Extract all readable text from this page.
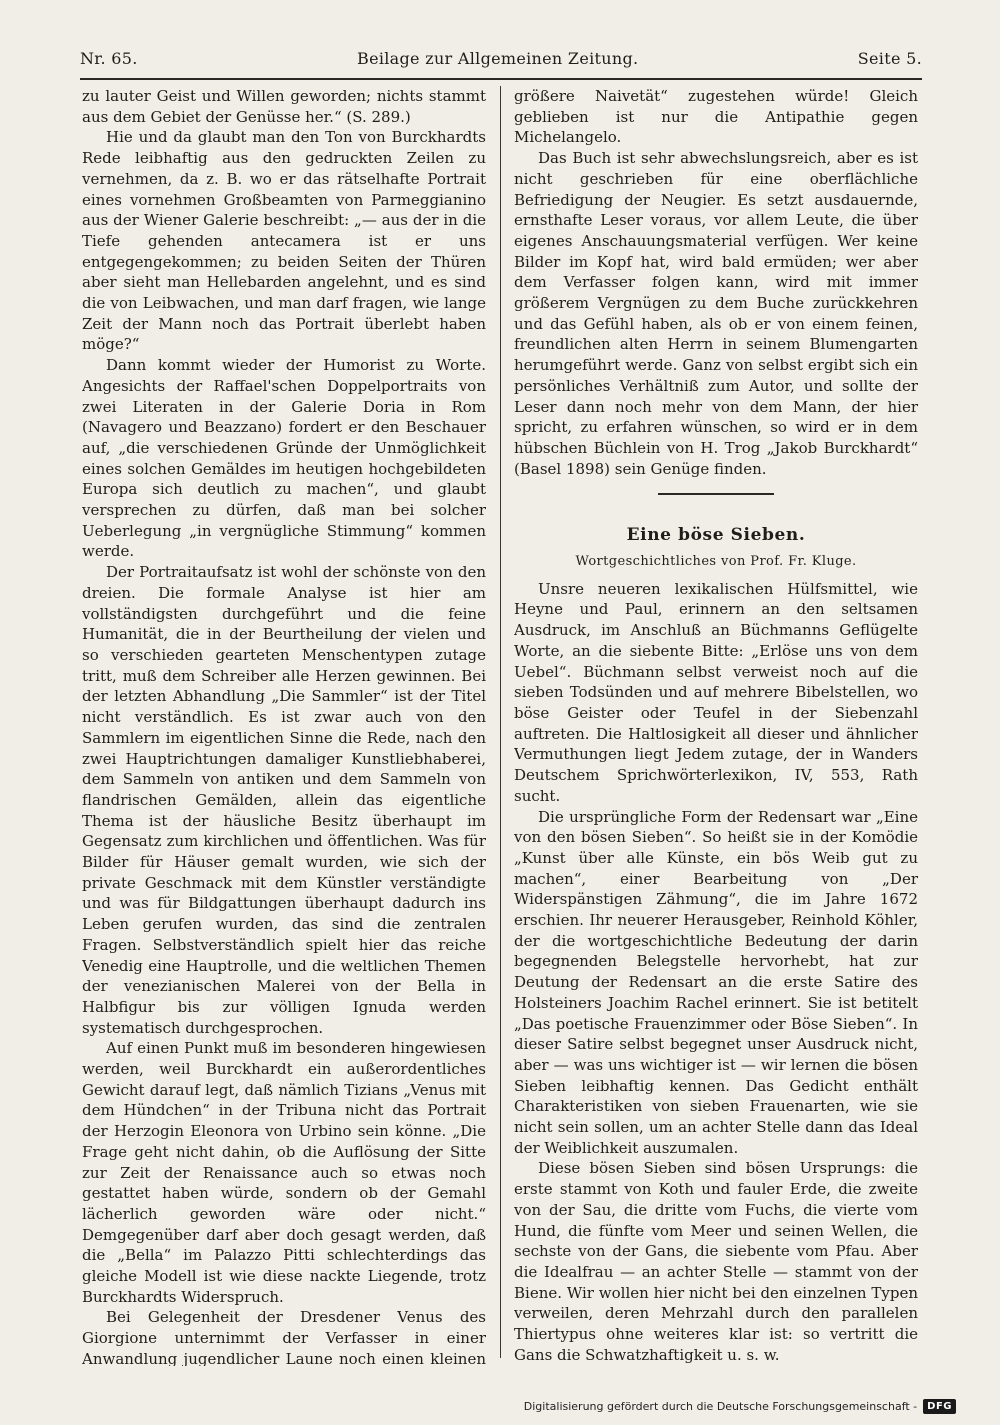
Nr. 65.	Beilage zur Allgemeinen Zeitung.	Seite 5.

zu lauter Geist und Willen geworden; nichts stammt aus dem Gebiet der Genüsse her.“ (S. 289.)

Hie und da glaubt man den Ton von Burckhardts Rede leibhaftig aus den gedruckten Zeilen zu vernehmen, da z. B. wo er das rätselhafte Portrait eines vornehmen Großbeamten von Parmeggianino aus der Wiener Galerie beschreibt: „— aus der in die Tiefe gehenden antecamera ist er uns entgegengekommen; zu beiden Seiten der Thüren aber sieht man Hellebarden angelehnt, und es sind die von Leibwachen, und man darf fragen, wie lange Zeit der Mann noch das Portrait überlebt haben möge?“

Dann kommt wieder der Humorist zu Worte. Angesichts der Raffael'schen Doppelportraits von zwei Literaten in der Galerie Doria in Rom (Navagero und Beazzano) fordert er den Beschauer auf, „die verschiedenen Gründe der Unmöglichkeit eines solchen Gemäldes im heutigen hochgebildeten Europa sich deutlich zu machen“, und glaubt versprechen zu dürfen, daß man bei solcher Ueberlegung „in vergnügliche Stimmung“ kommen werde.

Der Portraitaufsatz ist wohl der schönste von den dreien. Die formale Analyse ist hier am vollständigsten durchgeführt und die feine Humanität, die in der Beurtheilung der vielen und so verschieden gearteten Menschentypen zutage tritt, muß dem Schreiber alle Herzen gewinnen. Bei der letzten Abhandlung „Die Sammler“ ist der Titel nicht verständlich. Es ist zwar auch von den Sammlern im eigentlichen Sinne die Rede, nach den zwei Hauptrichtungen damaliger Kunstliebhaberei, dem Sammeln von antiken und dem Sammeln von flandrischen Gemälden, allein das eigentliche Thema ist der häusliche Besitz überhaupt im Gegensatz zum kirchlichen und öffentlichen. Was für Bilder für Häuser gemalt wurden, wie sich der private Geschmack mit dem Künstler verständigte und was für Bildgattungen überhaupt dadurch ins Leben gerufen wurden, das sind die zentralen Fragen. Selbstverständlich spielt hier das reiche Venedig eine Hauptrolle, und die weltlichen Themen der venezianischen Malerei von der Bella in Halbfigur bis zur völligen Ignuda werden systematisch durchgesprochen.

Auf einen Punkt muß im besonderen hingewiesen werden, weil Burckhardt ein außerordentliches Gewicht darauf legt, daß nämlich Tizians „Venus mit dem Hündchen“ in der Tribuna nicht das Portrait der Herzogin Eleonora von Urbino sein könne. „Die Frage geht nicht dahin, ob die Auflösung der Sitte zur Zeit der Renaissance auch so etwas noch gestattet haben würde, sondern ob der Gemahl lächerlich geworden wäre oder nicht.“ Demgegenüber darf aber doch gesagt werden, daß die „Bella“ im Palazzo Pitti schlechterdings das gleiche Modell ist wie diese nackte Liegende, trotz Burckhardts Widerspruch.

Bei Gelegenheit der Dresdener Venus des Giorgione unternimmt der Verfasser in einer Anwandlung jugendlicher Laune noch einen kleinen

größere Naivetät“ zugestehen würde! Gleich geblieben ist nur die Antipathie gegen Michelangelo.

Das Buch ist sehr abwechslungsreich, aber es ist nicht geschrieben für eine oberflächliche Befriedigung der Neugier. Es setzt ausdauernde, ernsthafte Leser voraus, vor allem Leute, die über eigenes Anschauungsmaterial verfügen. Wer keine Bilder im Kopf hat, wird bald ermüden; wer aber dem Verfasser folgen kann, wird mit immer größerem Vergnügen zu dem Buche zurückkehren und das Gefühl haben, als ob er von einem feinen, freundlichen alten Herrn in seinem Blumengarten herumgeführt werde. Ganz von selbst ergibt sich ein persönliches Verhältniß zum Autor, und sollte der Leser dann noch mehr von dem Mann, der hier spricht, zu erfahren wünschen, so wird er in dem hübschen Büchlein von H. Trog „Jakob Burckhardt“ (Basel 1898) sein Genüge finden.

Eine böse Sieben.
Wortgeschichtliches von Prof. Fr. Kluge.

Unsre neueren lexikalischen Hülfsmittel, wie Heyne und Paul, erinnern an den seltsamen Ausdruck, im Anschluß an Büchmanns Geflügelte Worte, an die siebente Bitte: „Erlöse uns von dem Uebel“. Büchmann selbst verweist noch auf die sieben Todsünden und auf mehrere Bibelstellen, wo böse Geister oder Teufel in der Siebenzahl auftreten. Die Haltlosigkeit all dieser und ähnlicher Vermuthungen liegt Jedem zutage, der in Wanders Deutschem Sprichwörterlexikon, IV, 553, Rath sucht.

Die ursprüngliche Form der Redensart war „Eine von den bösen Sieben“. So heißt sie in der Komödie „Kunst über alle Künste, ein bös Weib gut zu machen“, einer Bearbeitung von „Der Widerspänstigen Zähmung“, die im Jahre 1672 erschien. Ihr neuerer Herausgeber, Reinhold Köhler, der die wortgeschichtliche Bedeutung der darin begegnenden Belegstelle hervorhebt, hat zur Deutung der Redensart an die erste Satire des Holsteiners Joachim Rachel erinnert. Sie ist betitelt „Das poetische Frauenzimmer oder Böse Sieben“. In dieser Satire selbst begegnet unser Ausdruck nicht, aber — was uns wichtiger ist — wir lernen die bösen Sieben leibhaftig kennen. Das Gedicht enthält Charakteristiken von sieben Frauenarten, wie sie nicht sein sollen, um an achter Stelle dann das Ideal der Weiblichkeit auszumalen.

Diese bösen Sieben sind bösen Ursprungs: die erste stammt von Koth und fauler Erde, die zweite von der Sau, die dritte vom Fuchs, die vierte vom Hund, die fünfte vom Meer und seinen Wellen, die sechste von der Gans, die siebente vom Pfau. Aber die Idealfrau — an achter Stelle — stammt von der Biene. Wir wollen hier nicht bei den einzelnen Typen verweilen, deren Mehrzahl durch den parallelen Thiertypus ohne weiteres klar ist: so vertritt die Gans die Schwatzhaftigkeit u. s. w.

Digitalisierung gefördert durch die Deutsche Forschungsgemeinschaft -	DFG
